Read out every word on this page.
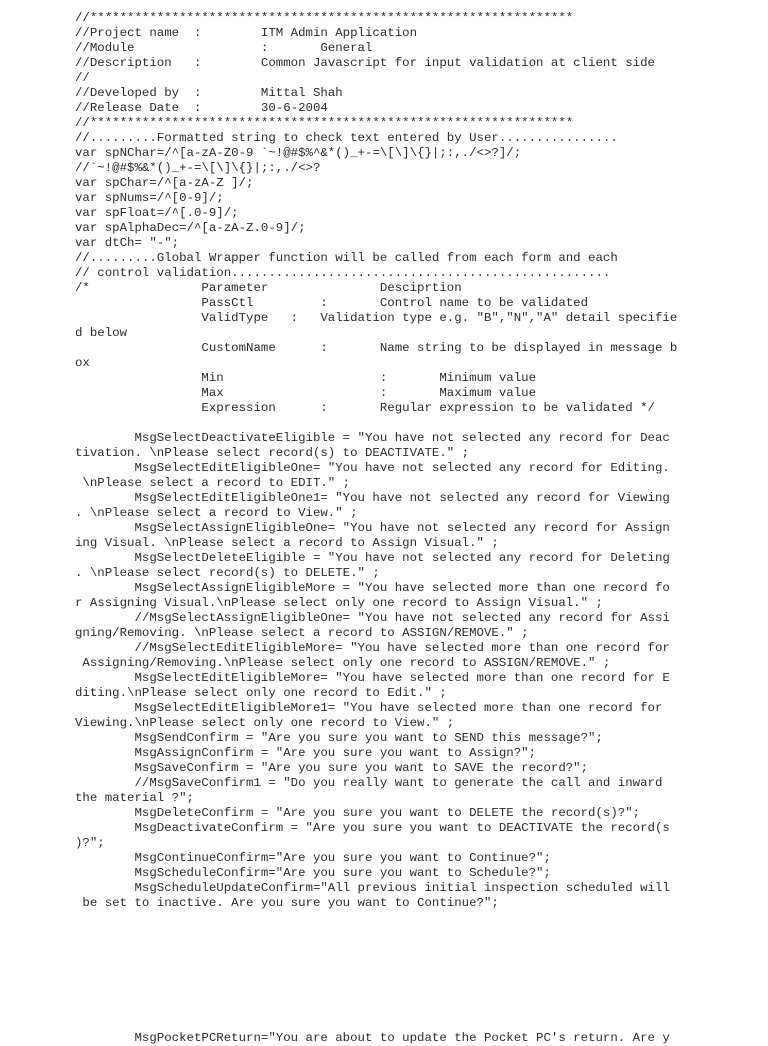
//*****************************************************************
//Project name  :        ITM Admin Application
//Module                 :       General
//Description   :        Common Javascript for input validation at client side
//
//Developed by  :        Mittal Shah
//Release Date  :        30-6-2004
//*****************************************************************
//.........Formatted string to check text entered by User................
var spNChar=/^[a-zA-Z0-9 `~!@#$%^&*()_+-=\[\]\{}|;:,./<>?]/;
//`~!@#$%&*()_+-=\[\]\{}|;:,./<>?
var spChar=/^[a-zA-Z ]/;
var spNums=/^[0-9]/;
var spFloat=/^[.0-9]/;
var spAlphaDec=/^[a-zA-Z.0-9]/;
var dtCh= "-";
//.........Global Wrapper function will be called from each form and each
// control validation...................................................
/*               Parameter               Desciprtion
PassCtl         :       Control name to be validated
ValidType   :   Validation type e.g. "B","N","A" detail specifie
d below
CustomName      :       Name string to be displayed in message b
ox
Min                     :       Minimum value
Max                     :       Maximum value
Expression      :       Regular expression to be validated */
MsgSelectDeactivateEligible = "You have not selected any record for Deac
tivation. \nPlease select record(s) to DEACTIVATE." ;
MsgSelectEditEligibleOne= "You have not selected any record for Editing.
\nPlease select a record to EDIT." ;
MsgSelectEditEligibleOne1= "You have not selected any record for Viewing
. \nPlease select a record to View." ;
MsgSelectAssignEligibleOne= "You have not selected any record for Assign
ing Visual. \nPlease select a record to Assign Visual." ;
MsgSelectDeleteEligible = "You have not selected any record for Deleting
. \nPlease select record(s) to DELETE." ;
MsgSelectAssignEligibleMore = "You have selected more than one record fo
r Assigning Visual.\nPlease select only one record to Assign Visual." ;
//MsgSelectAssignEligibleOne= "You have not selected any record for Assi
gning/Removing. \nPlease select a record to ASSIGN/REMOVE." ;
//MsgSelectEditEligibleMore= "You have selected more than one record for
Assigning/Removing.\nPlease select only one record to ASSIGN/REMOVE." ;
MsgSelectEditEligibleMore= "You have selected more than one record for E
diting.\nPlease select only one record to Edit." ;
MsgSelectEditEligibleMore1= "You have selected more than one record for
Viewing.\nPlease select only one record to View." ;
MsgSendConfirm = "Are you sure you want to SEND this message?";
MsgAssignConfirm = "Are you sure you want to Assign?";
MsgSaveConfirm = "Are you sure you want to SAVE the record?";
//MsgSaveConfirm1 = "Do you really want to generate the call and inward
the material ?";
MsgDeleteConfirm = "Are you sure you want to DELETE the record(s)?";
MsgDeactivateConfirm = "Are you sure you want to DEACTIVATE the record(s
)?";
MsgContinueConfirm="Are you sure you want to Continue?";
MsgScheduleConfirm="Are you sure you want to Schedule?";
MsgScheduleUpdateConfirm="All previous initial inspection scheduled will
be set to inactive. Are you sure you want to Continue?";
MsgPocketPCReturn="You are about to update the Pocket PC's return. Are y
